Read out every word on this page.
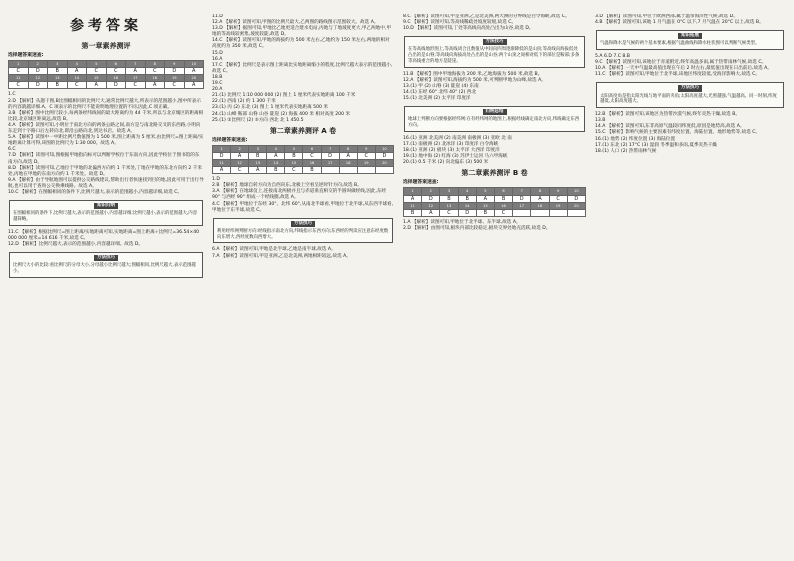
参考答案
第一章素养测评
选择题答案速查:
1	2	3	4	5	6	7	8	9	10
C	D	B	A	C	C	A	C	D	A
11	12	13	14	15	16	17	18	19	20
C	D	B	C	A	D	C	A	C	A

1.C

2.D 【解析】从题干图,B比图幅相同的比例尺大,通常比例尺越大,所表示的范围越小,图中所表示的内容就越详细.A、C 项表示的比例尺不能说明地理位置的不同,因此,C 项正确。

3.B 【解析】图中比例尺较小,每两条经纬线间的最大距离约为 44 千米,所以与北京城区的距离相比较,北京城区距离远,故选 B。

4.A 【解析】读图可知,小明位于南北方向的两条公路之间,南方是与南北路交叉的东西路,小明向东走到十字路口后左转向北,即沿公路向北,到达书店。故选 A。

5.A 【解析】读图中一中距比例尺数值图为 1 500 米,图上距离为 5 厘米,由比例尺=图上距离/实地距离计算可得,该图的比例尺为 1:30 000。故选 A。

6.C

7.D 【解析】读图可知,图根据甲地指向标可以判断学校位于东南方向,因此学校位于图书馆的东南方向,故选 D。

8.D 【解析】读图可知,乙地位于甲地的北偏西方向约 1 千米处,丁地在甲地的东北方向约 2 千米处,丙地在甲地的东南方向约 1 千米处。故选 D。

9.A 【解析】由于导航地图可以提供公交路线建议,帮助出行者快速找到目的地,因此可用于出行导航,也可以用于查询公交换乘线路。故选 A。

10.C 【解析】在图幅相同的条件下,比例尺越大,表示的范围越小,内容越详细,故选 C。

知识归纳

在图幅相同的条件下,比例尺越大,表示的范围越小,内容越详细;比例尺越小,表示的范围越大,内容越简略。

11.C 【解析】根据比例尺=图上距离/实地距离可知,实地距离=图上距离÷比例尺=36.54×40 000 000 厘米=14 616 千米,故选 C。

12.D 【解析】比例尺越大,表示的范围越小,内容越详细。故选 D。

方法技巧

比例尺大小的比较:看比例尺的分母大小,分母越小比例尺越大;图幅相同,比例尺越大,表示范围越小。

11.D

12.A 【解析】读图可知,甲图的比例尺最大,乙两图的路线图示范围较大。故选 A。

13.D 【解析】据图可知,甲地比乙地更适合建水电站,丙地与丁地坡度更大,甲乙两地中,甲地的等高线较密集,坡度较陡,故选 D。

14.C 【解析】读图可知,甲地的海拔约为 500 米左右,乙地约为 150 米左右,两地的相对高度约为 350 米,故选 C。

15.D

16.A

17.C 【解析】比例尺是表示图上距离比实地距离缩小的程度,比例尺越大表示的范围越小,故选 C。

18.B

19.C

20.A

21.(1) 比例尺 1:10 000 000 (2) 图上 1 厘米代表实地距离 100 千米

22.(1) 西南 (2) 约 1 300 千米

23.(1) 丙 (2) 东北 (3) 图上 1 厘米代表实地距离 500 米

24.(1) 山峰 鞍部 山脊 山谷 陡崖 (2) 海拔 400 米 相对高度 200 米

25.(1) ②比例尺 (2) ⑤方向 西北 北 1 450.5

第二章素养测评 A 卷
选择题答案速查:
1	2	3	4	5	6	7	8	9	10
D	A	B	A	B	C	D	A	C	D
11	12	13	14	15	16	17	18	19	20
A	C	A	B	C	B				

1.D

2.B 【解析】地球自转方向为自西向东,北极上空看呈逆时针方向,故选 B。

3.A 【解析】在地球仪上,连接南北两极并且与赤道垂直相交的半圆叫做经线,因此,东经 90° 与西经 90° 组成一个经线圈,故选 A。

4.C 【解析】甲地位于东经 30°、北纬 60°,从南北半球看,甲地位于北半球,从东西半球看,甲地位于东半球,故选 C。

方法技巧

利用经纬网判断方向:经线指示南北方向,纬线指示东西方向;东西经的判读应注意东经度数向东增大,西经度数向西增大。

6.A 【解析】读图可知,甲地是北半球,乙地是南半球,故选 A。

7.A 【解析】读图可知,甲是亚洲,乙是北美洲,两地相距较远,故选 A。

8.C 【解析】读图可知,甲是亚洲,乙是北美洲,两大洲的分界线是白令海峡,故选 C。

9.C 【解析】读图可知,等高线稀疏处坡度较缓,故选 C。

10.D 【解析】读图可知,丁处等高线向高处凸出为山谷,故选 D。

方法技巧

在等高线地形图上,等高线闭合且数值从中间向四周逐渐降低的是山顶;等高线向海拔低处凸出的是山脊;等高线向海拔高处凸出的是山谷;两个山顶之间相对低下的部位是鞍部;多条等高线重合的地方是陡崖。

11.B 【解析】图中甲地海拔为 200 米,乙地海拔为 500 米,故选 B。

12.A 【解析】读图可知,海拔约为 500 米,可判断甲地为山峰,故选 A。

13.(1) 甲 (2) 山脊 (3) 陡崖 (4) 东南

14.(1) 东经 60° 北纬 40° (2) 西北

15.(1) 北美洲 (2) 太平洋 印度洋

归纳总结

地球上判断方向要根据经纬网:在有经纬网的地图上,根据经线确定南北方向,纬线确定东西方向。

16.(1) 亚洲 北美洲 (2) 南美洲 南极洲 (3) 亚欧 北 南

17.(1) 南极洲 (2) 北冰洋 (3) 印度洋 白令海峡

18.(1) 亚洲 (2) 板块 (3) 太平洋 大西洋 印度洋

19.(1) 地中海 (2) 红海 (3) 苏伊士运河 马六甲海峡

20.(1) 0.5 千米 (2) 向北偏东 (3) 500 米

第二章素养测评 B 卷
选择题答案速查:
1	2	3	4	5	6	7	8	9	10
A	D	B	B	A	B	D	A	C	D
11	12	13	14	15	16	17	18	19	20
B	A	C	D	B	C				

1.A 【解析】读图可知,甲地位于北半球、东半球,故选 A。

2.D 【解析】由图可知,板块内部比较稳定,板块交界处地壳活跃,故选 D。

3.D 【解析】读图可知,甲位于欧洲西部,属于温带海洋性气候,故选 D。

4.B 【解析】读图可知,该地 1 月气温在 0°C 以下,7 月气温在 20°C 以上,故选 B。

知识拓展

气温和降水是气候的两个基本要素,根据气温曲线和降水柱状图可以判断气候类型。

5.A 6.D 7.C 8.B

9.C 【解析】读图可知,该地位于赤道附近,终年高温多雨,属于热带雨林气候,故选 C。

10.A 【解析】一天中气温最高值出现在午后 2 时左右,最低值出现在日出前后,故选 A。

11.C 【解析】读图可知,甲地位于北半球,该地区纬度较低,受海洋影响大,故选 C。

方法技巧

太阳高度角是指太阳光线与地平面的夹角;太阳高度越大,光照越强,气温越高。同一时刻,纬度越低,太阳高度越大。

12.B 【解析】读图可知,该地区为热带沙漠气候,终年炎热干燥,故选 B。

13.B

14.A 【解析】读图可知,东非高原气温较同纬度低,原因是地势高,故选 A。

15.C 【解析】影响气候的主要因素有纬度位置、海陆位置、地形地势等,故选 C。

16.(1) 地势 (2) 纬度位置 (3) 海陆位置

17.(1) 东北 (2) 17°C (3) 湿润 冬季温和多雨,夏季炎热干燥

18.(1) 人口 (2) 热带雨林气候
